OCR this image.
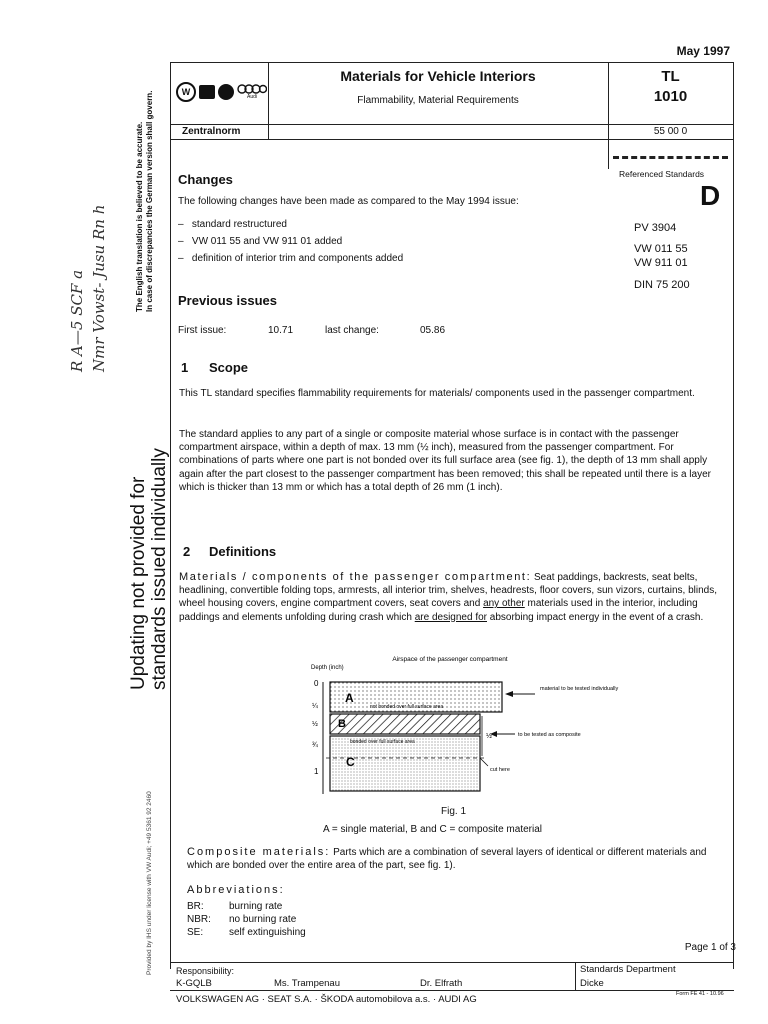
R A—5 SCF a Nmr Vowst- Jusu Rn h	The English translation is believed to be accurate. In case of discrepancies the German version shall govern.
Updating not provided for standards issued individually
Provided by IHS under license with VW Audi; +49 5361 92 2460
May 1997
W	Audi
Materials for Vehicle Interiors
Flammability, Material Requirements
TL
1010
Zentralnorm	55 00 0
Referenced Standards
D
PV 3904
VW 011 55
VW 911 01
DIN 75 200
Changes
The following changes have been made as compared to the May 1994 issue:
–   standard restructured
–   VW 011 55 and VW 911 01 added
–   definition of interior trim and components added
Previous issues
First issue:	10.71	last change:	05.86
1 Scope

This TL standard specifies flammability requirements for materials/ components used in the passenger compartment.

The standard applies to any part of a single or composite material whose surface is in contact with the passenger compartment airspace, within a depth of max. 13 mm (½ inch), measured from the passenger compartment. For combinations of parts where one part is not bonded over its full surface area (see fig. 1), the depth of 13 mm shall apply again after the part closest to the passenger compartment has been removed; this shall be repeated until there is a layer which is thicker than 13 mm or which has a total depth of 26 mm (1 inch).

2 Definitions

Materials / components of the passenger compartment: Seat paddings, backrests, seat belts, headlining, convertible folding tops, armrests, all interior trim, shelves, headrests, floor covers, sun vizors, curtains, blinds, wheel housing covers, engine compartment covers, seat covers and any other materials used in the interior, including paddings and elements unfolding during crash which are designed for absorbing impact energy in the event of a crash.

Airspace of the passenger compartment
Depth (inch)
0
¼
½
¾
1
A
not bonded over full surface area
B
C
material to be tested individually
½	to be tested as composite
cut here
Fig. 1
A = single material, B and C = composite material

Composite materials: Parts which are a combination of several layers of identical or different materials and which are bonded over the entire area of the part, see fig. 1).

Abbreviations:
BR:	burning rate
NBR: no burning rate
SE:	self extinguishing
Page 1 of 3
Responsibility:
K-GQLB	Ms. Trampenau	Dr. Elfrath
Standards Department
Dicke
VOLKSWAGEN AG · SEAT S.A. · ŠKODA automobilova a.s. · AUDI AG	Form FE 41 - 10.96
